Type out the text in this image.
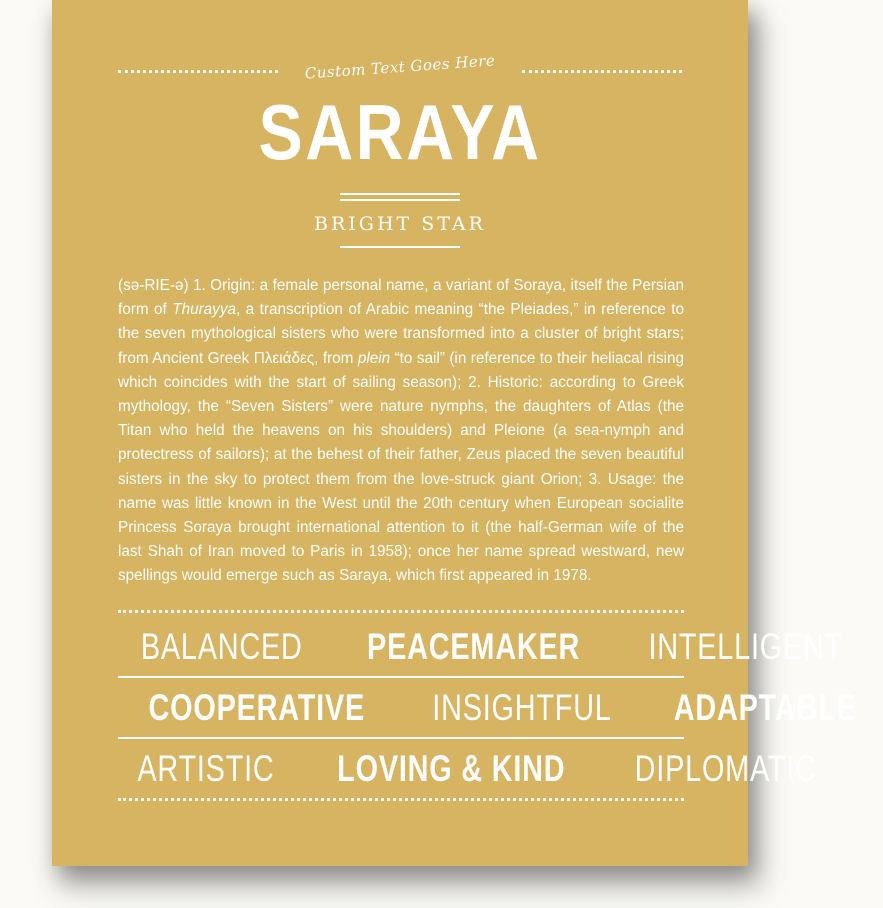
Custom Text Goes Here
SARAYA
BRIGHT STAR
(sə-RIE-ə) 1. Origin: a female personal name, a variant of Soraya, itself the Persian form of Thurayya, a transcription of Arabic meaning “the Pleiades,” in reference to the seven mythological sisters who were transformed into a cluster of bright stars; from Ancient Greek Πλειάδες, from plein “to sail” (in reference to their heliacal rising which coincides with the start of sailing season); 2. Historic: according to Greek mythology, the “Seven Sisters” were nature nymphs, the daughters of Atlas (the Titan who held the heavens on his shoulders) and Pleione (a sea-nymph and protectress of sailors); at the behest of their father, Zeus placed the seven beautiful sisters in the sky to protect them from the love-struck giant Orion; 3. Usage: the name was little known in the West until the 20th century when European socialite Princess Soraya brought international attention to it (the half-German wife of the last Shah of Iran moved to Paris in 1958); once her name spread westward, new spellings would emerge such as Saraya, which first appeared in 1978.
BALANCED PEACEMAKER INTELLIGENT
COOPERATIVE INSIGHTFUL ADAPTABLE
ARTISTIC LOVING & KIND DIPLOMATIC
